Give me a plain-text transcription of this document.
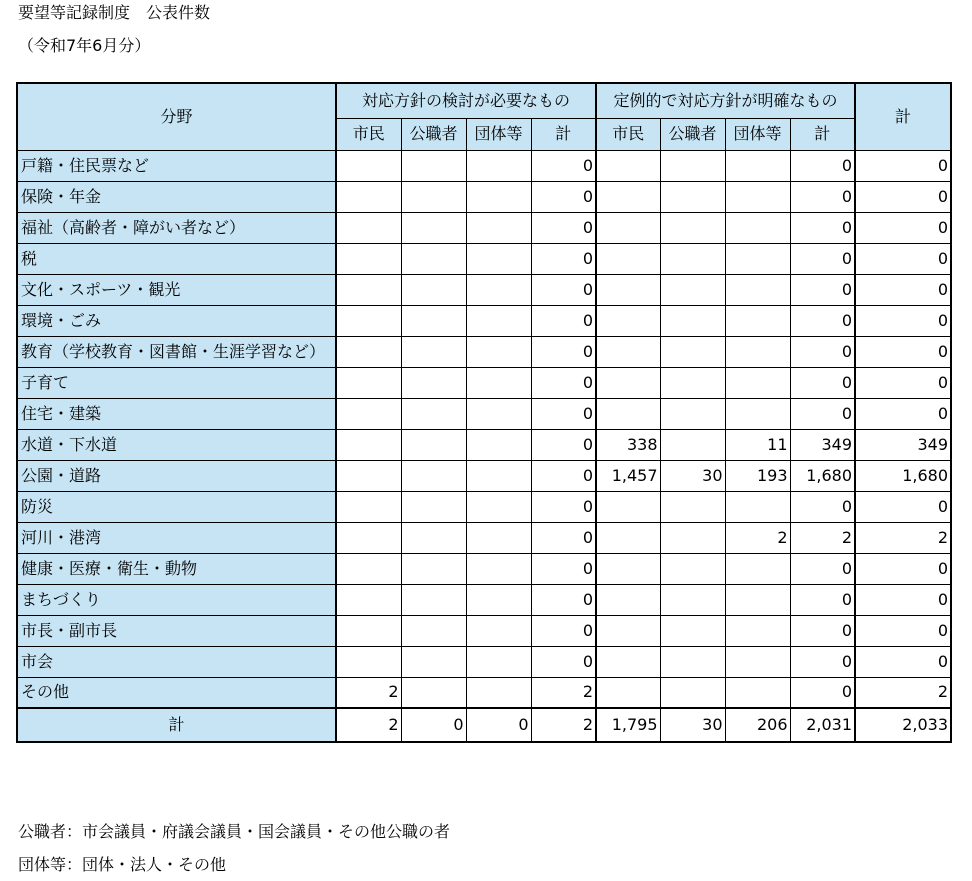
要望等記録制度　公表件数
（令和7年6月分）
分野	対応方針の検討が必要なもの				定例的で対応方針が明確なもの				計
	市民	公職者	団体等	計	市民	公職者	団体等	計	
戸籍・住民票など				0				0	0
保険・年金				0				0	0
福祉（高齢者・障がい者など）				0				0	0
税				0				0	0
文化・スポーツ・観光				0				0	0
環境・ごみ				0				0	0
教育（学校教育・図書館・生涯学習など）				0				0	0
子育て				0				0	0
住宅・建築				0				0	0
水道・下水道				0	338		11	349	349
公園・道路				0	1,457	30	193	1,680	1,680
防災				0				0	0
河川・港湾				0			2	2	2
健康・医療・衛生・動物				0				0	0
まちづくり				0				0	0
市長・副市長				0				0	0
市会				0				0	0
その他	2			2				0	2
計	2	0	0	2	1,795	30	206	2,031	2,033
公職者：市会議員・府議会議員・国会議員・その他公職の者
団体等：団体・法人・その他
